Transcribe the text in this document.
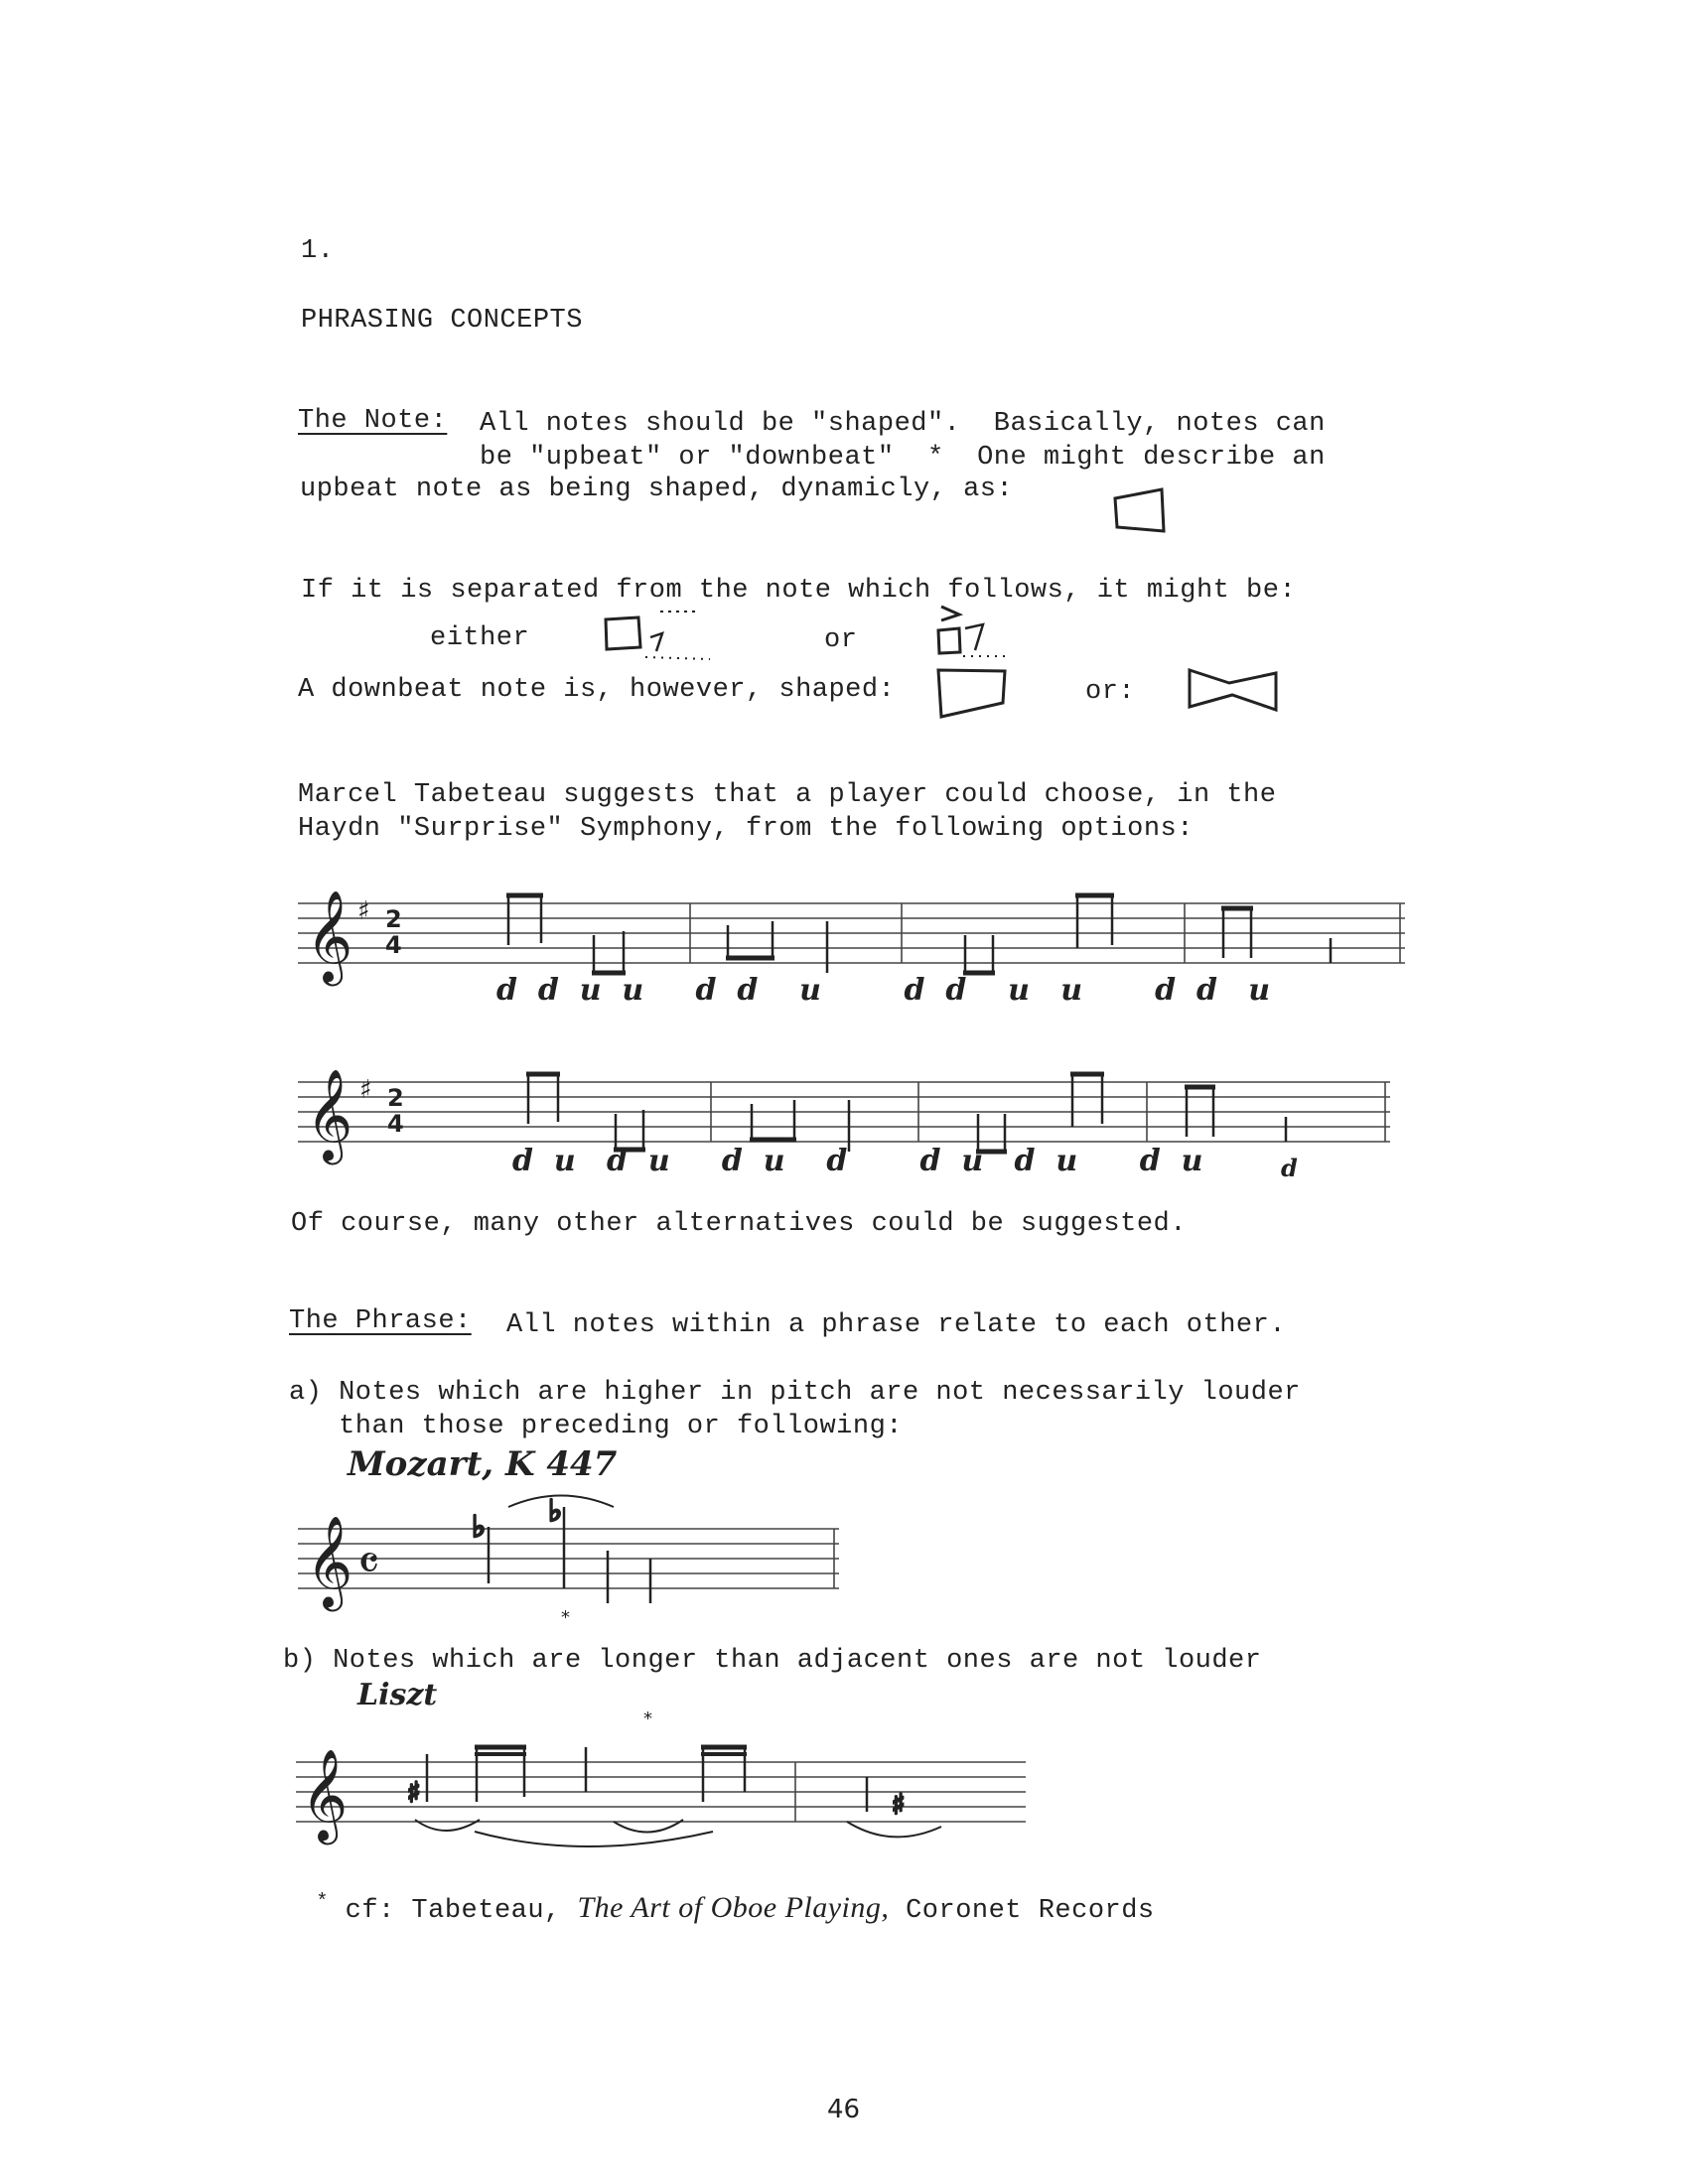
1.
PHRASING CONCEPTS
The Note: All notes should be "shaped".  Basically, notes can
be "upbeat" or "downbeat"  *  One might describe an
upbeat note as being shaped, dynamicly, as:
If it is separated from the note which follows, it might be:
either	or
A downbeat note is, however, shaped:	or:
Marcel Tabeteau suggests that a player could choose, in the
Haydn "Surprise" Symphony, from the following options:
𝄞 ♯ 2
4
d  d  u  u     d  d    u        d  d    u   u       d  d   u
𝄞 ♯ 2
4
d  u   d  u     d  u    d       d  u   d  u      d  u	d
Of course, many other alternatives could be suggested.
The Phrase: All notes within a phrase relate to each other.
a) Notes which are higher in pitch are not necessarily louder
than those preceding or following:
Mozart, K 447
𝄞 𝄴
♭ ♭
*
b) Notes which are longer than adjacent ones are not louder
Liszt
𝄞
*
♯	♯

* cf: Tabeteau, The Art of Oboe Playing, Coronet Records

46
